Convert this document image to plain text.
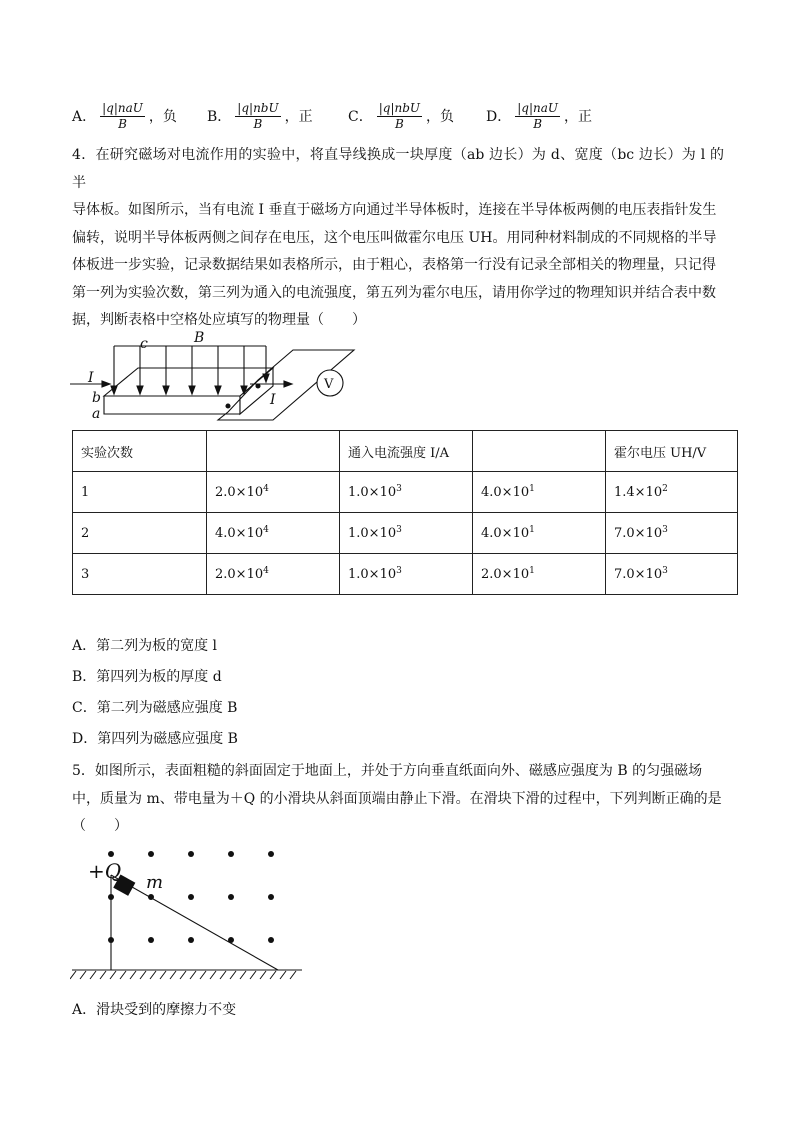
A． $\frac{\text{|q|naU}}{B}$ ，负 B． $\frac{\text{|q|nbU}}{B}$ ，正	C． $\frac{\text{|q|nbU}}{B}$ ，负 D． $\frac{\text{|q|naU}}{B}$ ，正
4．在研究磁场对电流作用的实验中，将直导线换成一块厚度（ab 边长）为 d、宽度（bc 边长）为 l 的半
导体板。如图所示，当有电流 I 垂直于磁场方向通过半导体板时，连接在半导体板两侧的电压表指针发生
偏转，说明半导体板两侧之间存在电压，这个电压叫做霍尔电压 UH。用同种材料制成的不同规格的半导
体板进一步实验，记录数据结果如表格所示，由于粗心，表格第一行没有记录全部相关的物理量，只记得
第一列为实验次数，第三列为通入的电流强度，第五列为霍尔电压，请用你学过的物理知识并结合表中数
据，判断表格中空格处应填写的物理量（　　）
c	B
I
b
a
I
V
实验次数		通入电流强度 I/A		霍尔电压 UH/V
1	$2.0\times 10^4$	$1.0\times 10^3$	$4.0\times 10^1$	$1.4\times 10^2$
2	$4.0\times 10^4$	$1.0\times 10^3$	$4.0\times 10^1$	$7.0\times 10^3$
3	$2.0\times 10^4$	$1.0\times 10^3$	$2.0\times 10^1$	$7.0\times 10^3$
A．第二列为板的宽度 l
B．第四列为板的厚度 d
C．第二列为磁感应强度 B
D．第四列为磁感应强度 B
5．如图所示，表面粗糙的斜面固定于地面上，并处于方向垂直纸面向外、磁感应强度为 B 的匀强磁场
中，质量为 m、带电量为＋Q 的小滑块从斜面顶端由静止下滑。在滑块下滑的过程中，下列判断正确的是
（　　）
+Q m
A．滑块受到的摩擦力不变
